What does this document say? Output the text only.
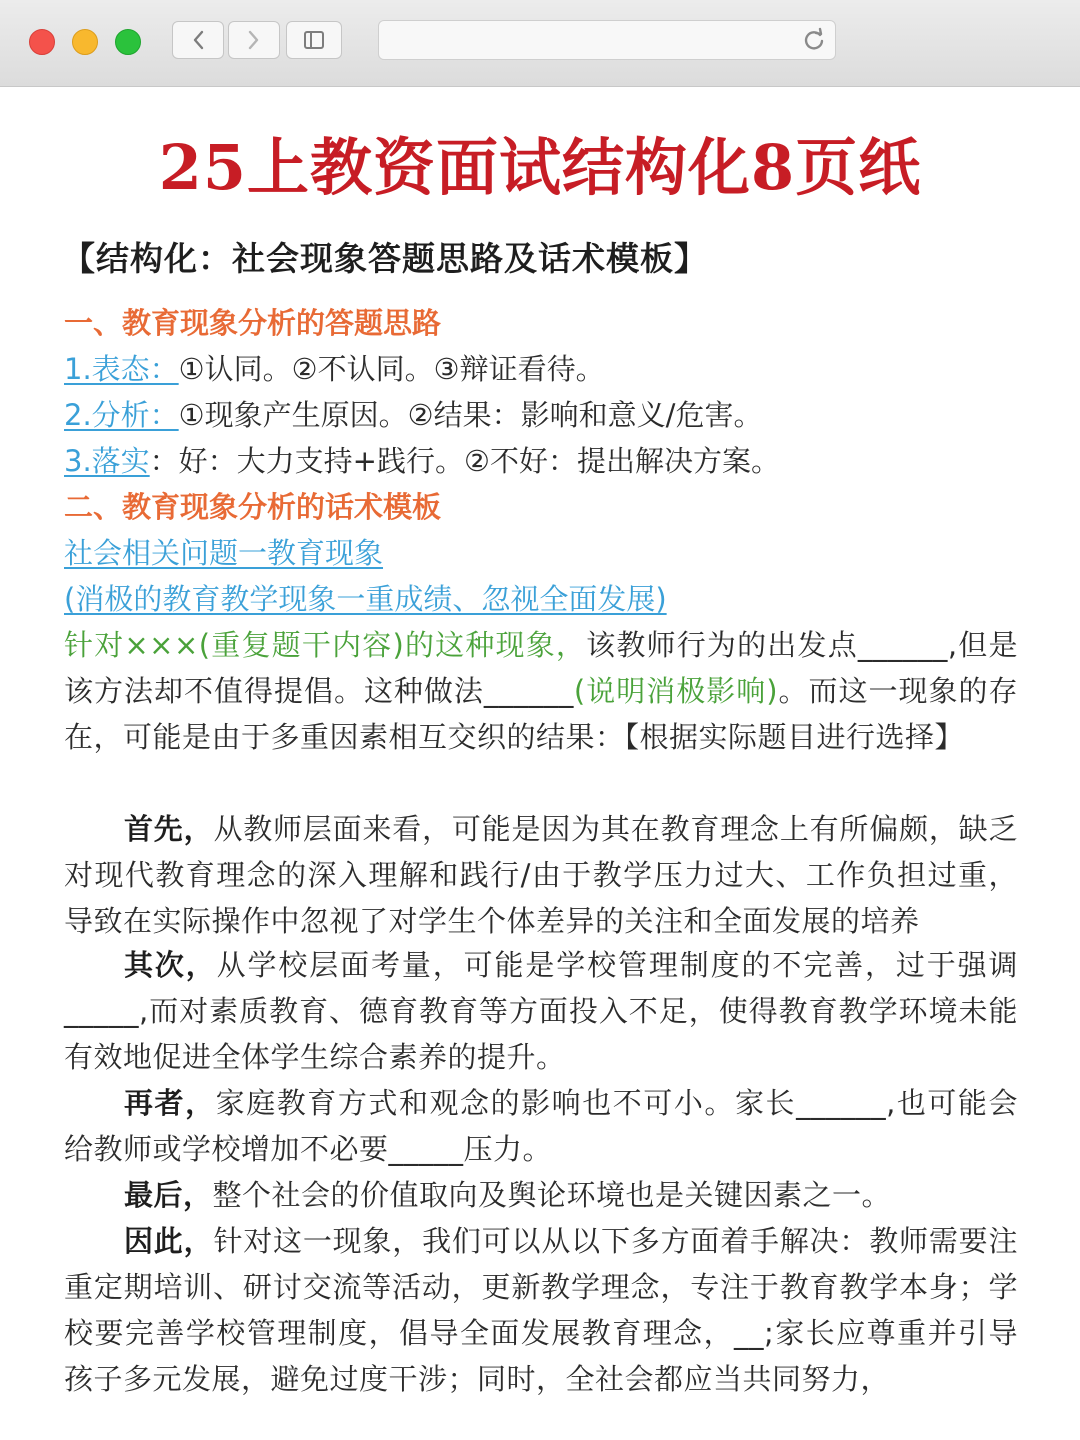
25上教资面试结构化8页纸

【结构化：社会现象答题思路及话术模板】

一、教育现象分析的答题思路

1.表态：①认同。②不认同。③辩证看待。

2.分析：①现象产生原因。②结果：影响和意义/危害。

3.落实：好：大力支持+践行。②不好：提出解决方案。

二、教育现象分析的话术模板

社会相关问题一教育现象

(消极的教育教学现象一重成绩、忽视全面发展)

针对×××(重复题干内容)的这种现象，该教师行为的出发点______,但是该方法却不值得提倡。这种做法______(说明消极影响)。而这一现象的存在，可能是由于多重因素相互交织的结果：【根据实际题目进行选择】

首先，从教师层面来看，可能是因为其在教育理念上有所偏颇，缺乏对现代教育理念的深入理解和践行/由于教学压力过大、工作负担过重，导致在实际操作中忽视了对学生个体差异的关注和全面发展的培养

其次，从学校层面考量，可能是学校管理制度的不完善，过于强调_____,而对素质教育、德育教育等方面投入不足，使得教育教学环境未能有效地促进全体学生综合素养的提升。

再者，家庭教育方式和观念的影响也不可小。家长______,也可能会给教师或学校增加不必要_____压力。

最后，整个社会的价值取向及舆论环境也是关键因素之一。

因此，针对这一现象，我们可以从以下多方面着手解决：教师需要注重定期培训、研讨交流等活动，更新教学理念，专注于教育教学本身；学校要完善学校管理制度，倡导全面发展教育理念，__;家长应尊重并引导孩子多元发展，避免过度干涉；同时，全社会都应当共同努力，
